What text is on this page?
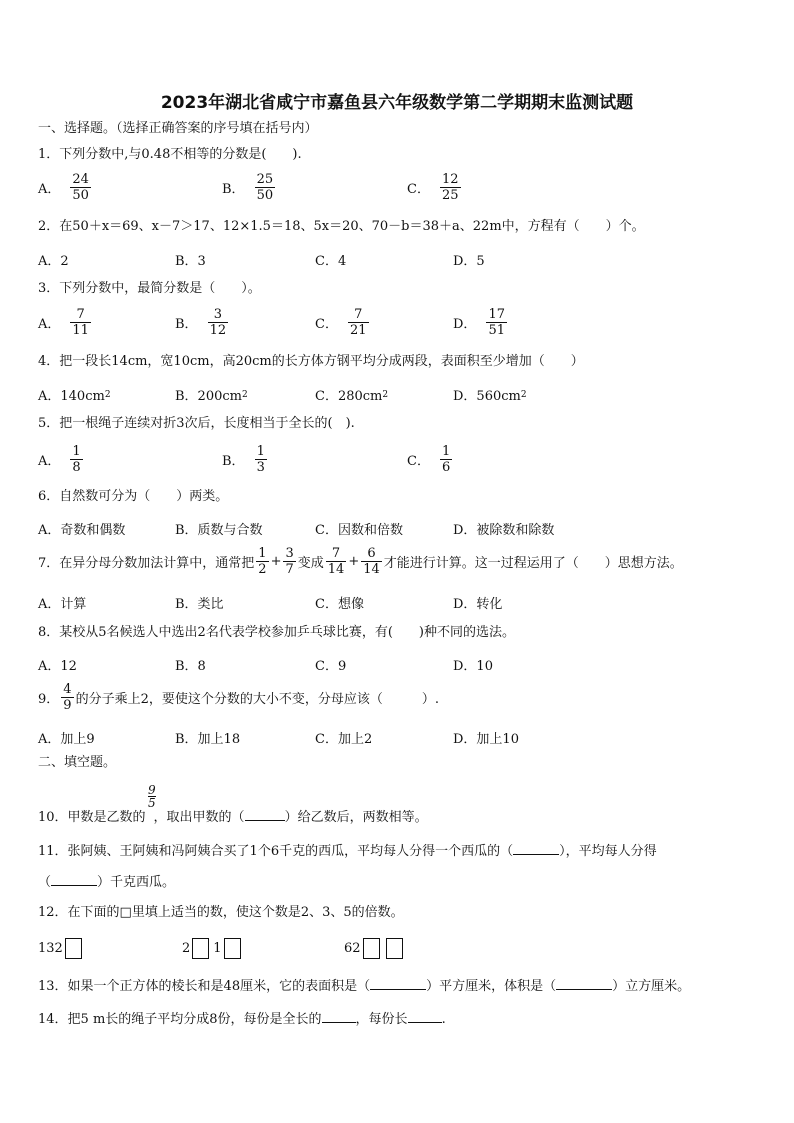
2023年湖北省咸宁市嘉鱼县六年级数学第二学期期末监测试题
一、选择题。（选择正确答案的序号填在括号内）
1．下列分数中,与0.48不相等的分数是(　　).
A． $\frac{24}{50}$	B． $\frac{25}{50}$	C． $\frac{12}{25}$
2．在50＋x＝69、x－7＞17、12×1.5＝18、5x＝20、70－b＝38＋a、22m中，方程有（　　）个。
A．2	B．3	C．4	D．5
3．下列分数中，最简分数是（　　）。
A． $\frac{7}{11}$	B． $\frac{3}{12}$	C． $\frac{7}{21}$	D． $\frac{17}{51}$
4．把一段长14cm，宽10cm，高20cm的长方体方钢平均分成两段，表面积至少增加（　　）
A．140cm 2	B．200cm 2	C．280cm 2	D．560cm 2
5．把一根绳子连续对折3次后，长度相当于全长的(　).
A． $\frac{1}{8}$	B． $\frac{1}{3}$	C． $\frac{1}{6}$
6．自然数可分为（　　）两类。
A．奇数和偶数	B．质数与合数	C．因数和倍数	D．被除数和除数
7．在异分母分数加法计算中，通常把 $\frac{1}{2} + \frac{3}{7}$ 变成 $\frac{7}{14} + \frac{6}{14}$ 才能进行计算。这一过程运用了（　　）思想方法。
A．计算	B．类比	C．想像	D．转化
8．某校从5名候选人中选出2名代表学校参加乒乓球比赛，有(　　)种不同的选法。
A．12	B．8	C．9	D．10
9． $\frac{4}{9}$ 的分子乘上2，要使这个分数的大小不变，分母应该（　　　）.
A．加上9	B．加上18	C．加上2	D．加上10
二、填空题。
$\frac{9}{5}$
10．甲数是乙数的 ，取出甲数的（	）给乙数后，两数相等。
11．张阿姨、王阿姨和冯阿姨合买了1个6千克的西瓜，平均每人分得一个西瓜的（	），平均每人分得
（	）千克西瓜。
12．在下面的□里填上适当的数，使这个数是2、3、5的倍数。
132	2 1	62
13．如果一个正方体的棱长和是48厘米，它的表面积是（	）平方厘米，体积是（	）立方厘米。
14．把5 m长的绳子平均分成8份，每份是全长的	，每份长	.
